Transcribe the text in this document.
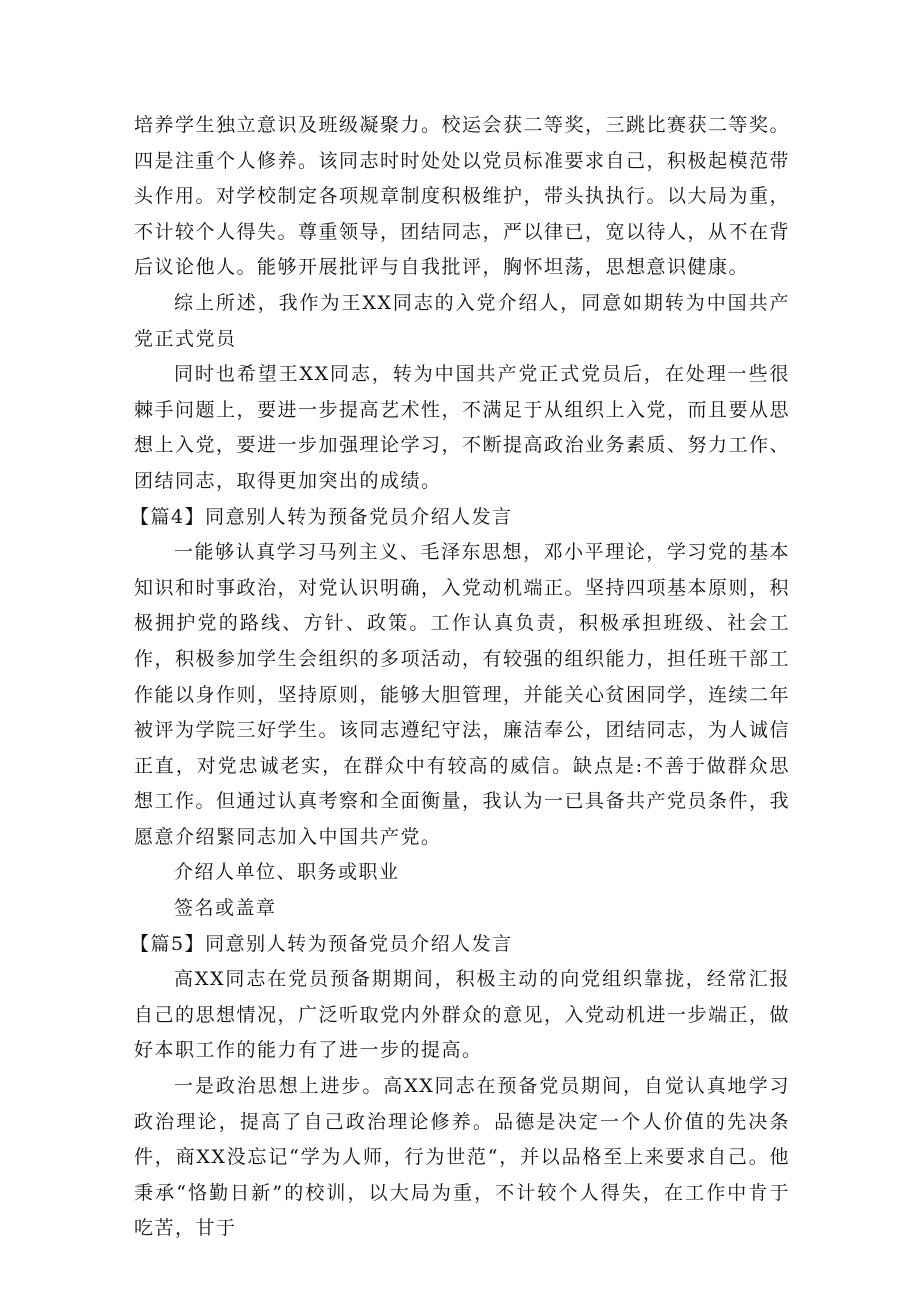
培养学生独立意识及班级凝聚力。校运会获二等奖，三跳比赛获二等奖。四是注重个人修养。该同志时时处处以党员标准要求自己，积极起模范带头作用。对学校制定各项规章制度积极维护，带头执执行。以大局为重，不计较个人得失。尊重领导，团结同志，严以律已，宽以待人，从不在背后议论他人。能够开展批评与自我批评，胸怀坦荡，思想意识健康。

综上所述，我作为王XX同志的入党介绍人，同意如期转为中国共产党正式党员

同时也希望王XX同志，转为中国共产党正式党员后，在处理一些很棘手问题上，要进一步提高艺术性，不满足于从组织上入党，而且要从思想上入党，要进一步加强理论学习，不断提高政治业务素质、努力工作、团结同志，取得更加突出的成绩。

【篇4】同意别人转为预备党员介绍人发言

一能够认真学习马列主义、毛泽东思想，邓小平理论，学习党的基本知识和时事政治，对党认识明确，入党动机端正。坚持四项基本原则，积极拥护党的路线、方针、政策。工作认真负责，积极承担班级、社会工作，积极参加学生会组织的多项活动，有较强的组织能力，担任班干部工作能以身作则，坚持原则，能够大胆管理，并能关心贫困同学，连续二年被评为学院三好学生。该同志遵纪守法，廉洁奉公，团结同志，为人诚信正直，对党忠诚老实，在群众中有较高的威信。缺点是:不善于做群众思想工作。但通过认真考察和全面衡量，我认为一已具备共产党员条件，我愿意介绍緊同志加入中国共产党。

介绍人单位、职务或职业

签名或盖章

【篇5】同意别人转为预备党员介绍人发言

高XX同志在党员预备期期间，积极主动的向党组织靠拢，经常汇报自己的思想情况，广泛听取党内外群众的意见，入党动机进一步端正，做好本职工作的能力有了进一步的提高。

一是政治思想上进步。高XX同志在预备党员期间，自觉认真地学习政治理论，提高了自己政治理论修养。品德是决定一个人价值的先决条件，商XX没忘记“学为人师，行为世范“，并以品格至上来要求自己。他秉承“恪勤日新”的校训，以大局为重，不计较个人得失，在工作中肯于吃苦，甘于
